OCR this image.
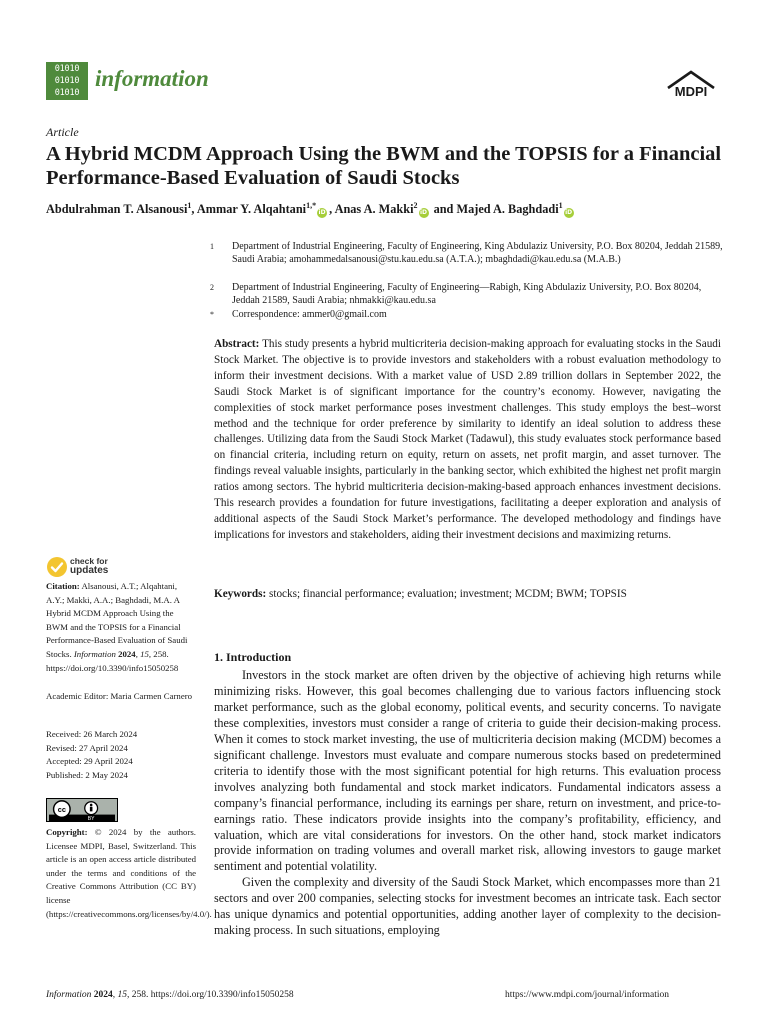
01010
01010
01010
information
MDPI
Article
A Hybrid MCDM Approach Using the BWM and the TOPSIS for a Financial Performance-Based Evaluation of Saudi Stocks
Abdulrahman T. Alsanousi$^1$, Ammar Y. Alqahtani$^{1,*}$iD , Anas A. Makki$^2$iD and Majed A. Baghdadi$^1$iD
1 Department of Industrial Engineering, Faculty of Engineering, King Abdulaziz University, P.O. Box 80204, Jeddah 21589, Saudi Arabia; amohammedalsanousi@stu.kau.edu.sa (A.T.A.); mbaghdadi@kau.edu.sa (M.A.B.)
2 Department of Industrial Engineering, Faculty of Engineering—Rabigh, King Abdulaziz University, P.O. Box 80204, Jeddah 21589, Saudi Arabia; nhmakki@kau.edu.sa
* Correspondence: ammer0@gmail.com
Abstract: This study presents a hybrid multicriteria decision-making approach for evaluating stocks in the Saudi Stock Market. The objective is to provide investors and stakeholders with a robust evaluation methodology to inform their investment decisions. With a market value of USD 2.89 trillion dollars in September 2022, the Saudi Stock Market is of significant importance for the country’s economy. However, navigating the complexities of stock market performance poses investment challenges. This study employs the best–worst method and the technique for order preference by similarity to identify an ideal solution to address these challenges. Utilizing data from the Saudi Stock Market (Tadawul), this study evaluates stock performance based on financial criteria, including return on equity, return on assets, net profit margin, and asset turnover. The findings reveal valuable insights, particularly in the banking sector, which exhibited the highest net profit margin ratios among sectors. The hybrid multicriteria decision-making-based approach enhances investment decisions. This research provides a foundation for future investigations, facilitating a deeper exploration and analysis of additional aspects of the Saudi Stock Market’s performance. The developed methodology and findings have implications for investors and stakeholders, aiding their investment decisions and maximizing returns.
Keywords: stocks; financial performance; evaluation; investment; MCDM; BWM; TOPSIS
1. Introduction

Investors in the stock market are often driven by the objective of achieving high returns while minimizing risks. However, this goal becomes challenging due to various factors influencing stock market performance, such as the global economy, political events, and security concerns. To navigate these complexities, investors must consider a range of criteria to guide their decision-making process. When it comes to stock market investing, the use of multicriteria decision making (MCDM) becomes a significant challenge. Investors must evaluate and compare numerous stocks based on predetermined criteria to identify those with the most significant potential for high returns. This evaluation process involves analyzing both fundamental and stock market indicators. Fundamental indicators assess a company’s financial performance, including its earnings per share, return on investment, and price-to-earnings ratio. These indicators provide insights into the company’s profitability, efficiency, and valuation, which are vital considerations for investors. On the other hand, stock market indicators provide information on trading volumes and overall market risk, allowing investors to gauge market sentiment and potential volatility.

Given the complexity and diversity of the Saudi Stock Market, which encompasses more than 21 sectors and over 200 companies, selecting stocks for investment becomes an intricate task. Each sector has unique dynamics and potential opportunities, adding another layer of complexity to the decision-making process. In such situations, employing

check for
updates
Citation: Alsanousi, A.T.; Alqahtani, A.Y.; Makki, A.A.; Baghdadi, M.A. A Hybrid MCDM Approach Using the BWM and the TOPSIS for a Financial Performance-Based Evaluation of Saudi Stocks. Information 2024, 15, 258. https://doi.org/10.3390/info15050258
Academic Editor: Maria Carmen Carnero
Received: 26 March 2024
Revised: 27 April 2024
Accepted: 29 April 2024
Published: 2 May 2024
cc
BY
Copyright: © 2024 by the authors. Licensee MDPI, Basel, Switzerland. This article is an open access article distributed under the terms and conditions of the Creative Commons Attribution (CC BY) license (https://creativecommons.org/licenses/by/4.0/).
Information 2024, 15, 258. https://doi.org/10.3390/info15050258	https://www.mdpi.com/journal/information
